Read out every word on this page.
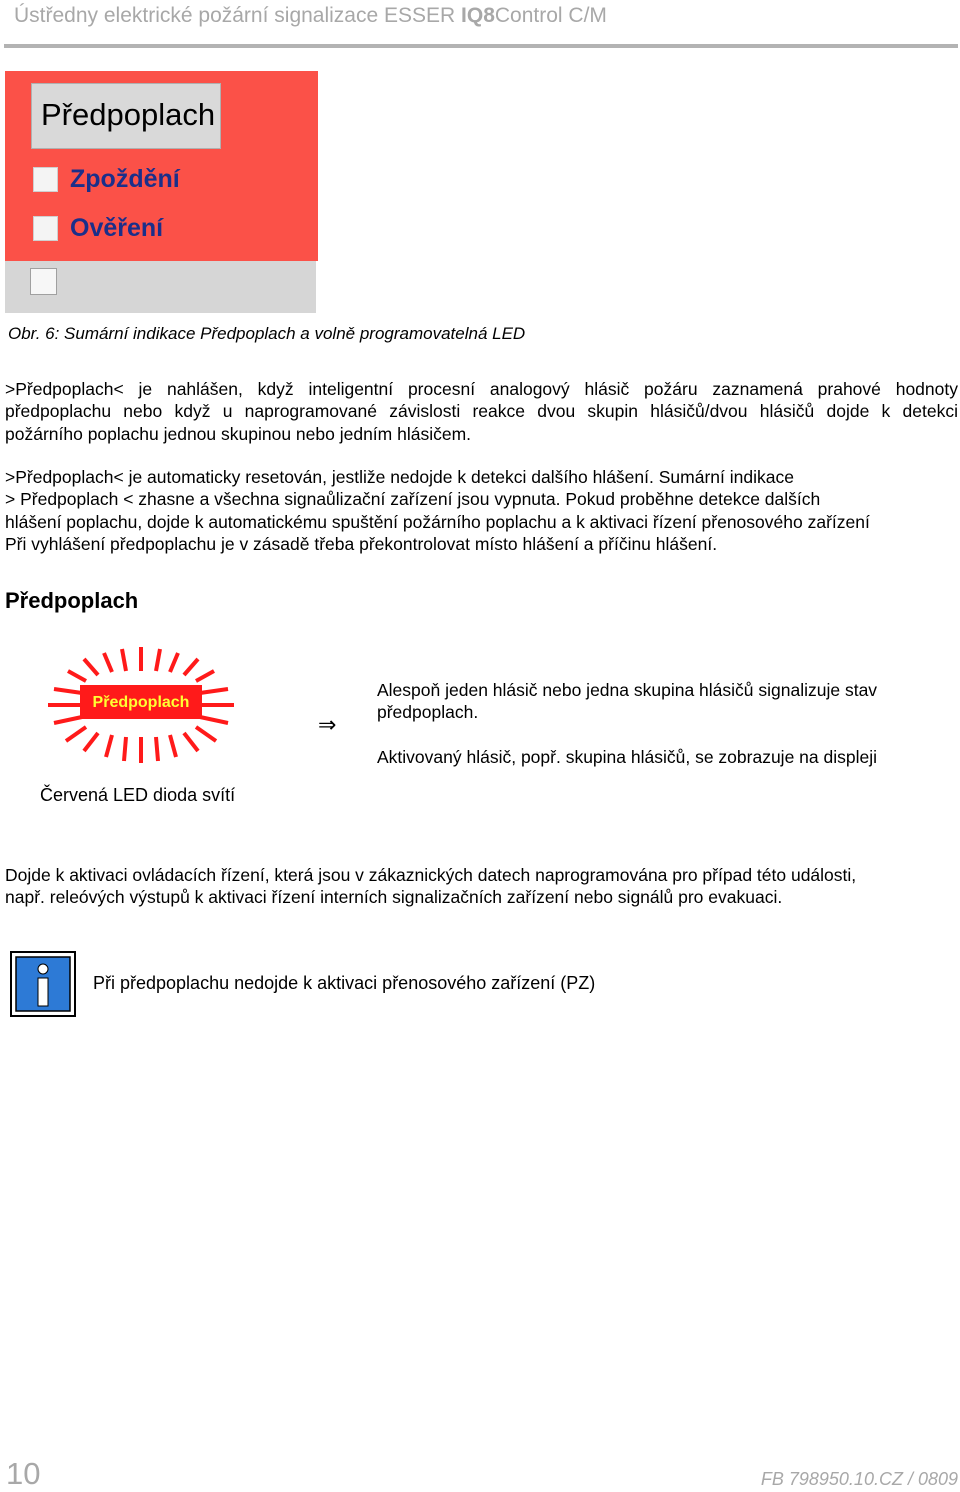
Ústředny elektrické požární signalizace ESSER IQ8Control C/M
Předpoplach
Zpoždění
Ověření
Obr. 6: Sumární indikace Předpoplach a volně programovatelná LED

>Předpoplach< je nahlášen, když inteligentní procesní analogový hlásič požáru zaznamená prahové hodnoty
předpoplachu nebo když u naprogramované závislosti reakce dvou skupin hlásičů/dvou hlásičů dojde k detekci
požárního poplachu jednou skupinou nebo jedním hlásičem.

>Předpoplach< je automaticky resetován, jestliže nedojde k detekci dalšího hlášení. Sumární indikace
> Předpoplach < zhasne a všechna signaůlizační zařízení jsou vypnuta. Pokud proběhne detekce dalších
hlášení poplachu, dojde k automatickému spuštění požárního poplachu a k aktivaci řízení přenosového zařízení
Při vyhlášení předpoplachu je v zásadě třeba překontrolovat místo hlášení a příčinu hlášení.

Předpoplach
Předpoplach
Červená LED dioda svítí
⇒
Alespoň jeden hlásič nebo jedna skupina hlásičů signalizuje stav
předpoplach.
Aktivovaný hlásič, popř. skupina hlásičů, se zobrazuje na displeji

Dojde k aktivaci ovládacích řízení, která jsou v zákaznických datech naprogramována pro případ této události,
např. releóvých výstupů k aktivaci řízení interních signalizačních zařízení nebo signálů pro evakuaci.

Při předpoplachu nedojde k aktivaci přenosového zařízení (PZ)
10	FB 798950.10.CZ / 0809
